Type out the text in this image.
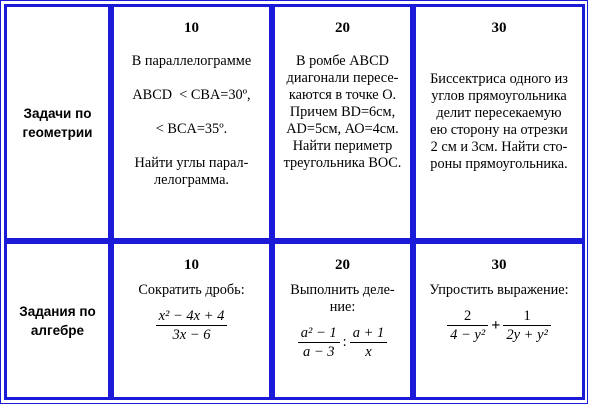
Задачи по геометрии
10

В параллелограмме

ABCD  < CBA=30º,

< BCA=35º.

Найти углы парал-

лелограмма.

20

В ромбе ABCD

диагонали пересе-

каются в точке О.

Причем BD=6см,

AD=5см, АО=4см.

Найти периметр

треугольника BOC.

30

Биссектриса одного из

углов прямоугольника

делит пересекаемую

ею сторону на отрезки

2 см и 3см. Найти сто-

роны прямоугольника.

Задания по алгебре
10

Сократить дробь:

$\frac{\text{x² − 4x + 4}}{3x - 6}$
20

Выполнить деле-

ние:

$\frac{\text{a² − 1}}{a - 3}$ : $\frac{a + 1}{x}$
30

Упростить выражение:

$\frac{2}{\text{4 − y²}} + \frac{1}{\text{2y + y²}}$
